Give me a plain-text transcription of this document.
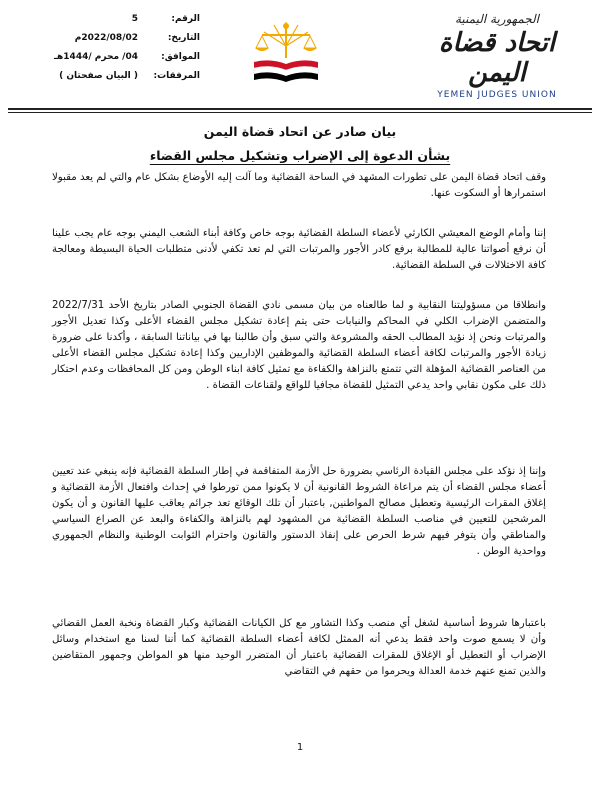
الجمهورية اليمنية
اتحاد قضاة اليمن
YEMEN JUDGES UNION
الرقم:
5
التاريخ:
2022/08/02م
الموافق:
04/ محرم /1444هـ
المرفقات:
( البيان صفحتان )
بيان صادر عن اتحاد قضاة اليمن
بشأن الدعوة إلى الإضراب وتشكيل مجلس القضاء

وقف اتحاد قضاة اليمن على تطورات المشهد في الساحة القضائية وما آلت إليه الأوضاع بشكل عام والتي لم يعد مقبولا استمرارها أو السكوت عنها.

إننا وأمام الوضع المعيشي الكارثي لأعضاء السلطة القضائية بوجه خاص وكافة أبناء الشعب اليمني بوجه عام يجب علينا أن نرفع أصواتنا عالية للمطالبة برفع كادر الأجور والمرتبات التي لم تعد تكفي لأدنى متطلبات الحياة البسيطة ومعالجة كافة الاختلالات في السلطة القضائية.

وانطلاقا من مسؤوليتنا النقابية و لما طالعناه من بيان مسمى نادي القضاة الجنوبي الصادر بتاريخ الأحد 2022/7/31 والمتضمن الإضراب الكلي في المحاكم والنيابات حتى يتم إعادة تشكيل مجلس القضاء الأعلى وكذا تعديل الأجور والمرتبات ونحن إذ نؤيد المطالب الحقه والمشروعة والتي سبق وأن طالبنا بها في بياناتنا السابقة ، وأكدنا على ضرورة زيادة الأجور والمرتبات لكافة أعضاء السلطة القضائية والموظفين الإداريين وكذا إعادة تشكيل مجلس القضاء الأعلى من العناصر القضائية المؤهلة التي تتمتع بالنزاهة والكفاءة مع تمثيل كافة ابناء الوطن ومن كل المحافظات وعدم احتكار ذلك على مكون نقابي واحد يدعي التمثيل للقضاة مجافيا للواقع ولقناعات القضاة .

وإننا إذ نؤكد على مجلس القيادة الرئاسي بضرورة حل الأزمة المتفاقمة في إطار السلطة القضائية فإنه ينبغي عند تعيين أعضاء مجلس القضاء أن يتم مراعاة الشروط القانونية أن لا يكونوا ممن تورطوا في إحداث وافتعال الأزمة القضائية و إغلاق المقرات الرئيسية وتعطيل مصالح المواطنين, باعتبار أن تلك الوقائع تعد جرائم يعاقب عليها القانون و أن يكون المرشحين للتعيين في مناصب السلطة القضائية من المشهود لهم بالنزاهة والكفاءة والبعد عن الصراع السياسي والمناطقي وأن يتوفر فيهم شرط الحرص على إنفاذ الدستور والقانون واحترام الثوابت الوطنية والنظام الجمهوري وواحدية الوطن .

باعتبارها شروط أساسية لشغل أي منصب وكذا التشاور مع كل الكيانات القضائية وكبار القضاة ونخبة العمل القضائي وأن لا يسمع صوت واحد فقط يدعي أنه الممثل لكافة أعضاء السلطة القضائية كما أننا لسنا مع استخدام وسائل الإضراب أو التعطيل أو الإغلاق للمقرات القضائية باعتبار أن المتضرر الوحيد منها هو المواطن وجمهور المتقاضين والذين تمنع عنهم خدمة العدالة ويحرموا من حقهم في التقاضي

1
